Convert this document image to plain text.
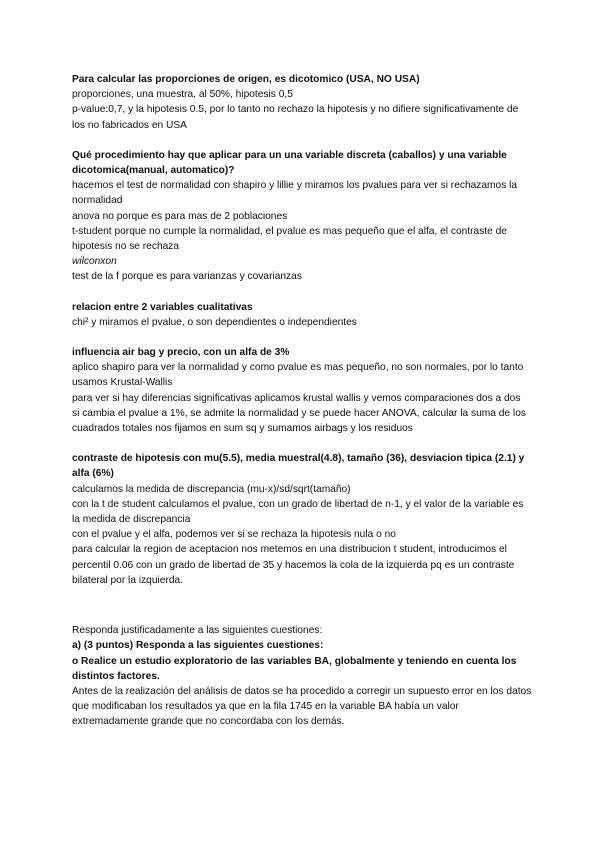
Para calcular las proporciones de origen, es dicotomico (USA, NO USA)

proporciones, una muestra, al 50%, hipotesis 0,5

p-value:0,7, y la hipotesis 0.5, por lo tanto no rechazo la hipotesis y no difiere significativamente de los no fabricados en USA

Qué procedimiento hay que aplicar para un una variable discreta (caballos) y una variable dicotomica(manual, automatico)?

hacemos el test de normalidad con shapiro y lillie y miramos los pvalues para ver si rechazamos la normalidad

anova no porque es para mas de 2 poblaciones

t-student porque no cumple la normalidad, el pvalue es mas pequeño que el alfa, el contraste de hipotesis no se rechaza

wilconxon

test de la f porque es para varianzas y covarianzas

relacion entre 2 variables cualitativas

chi² y miramos el pvalue, o son dependientes o independientes

influencia air bag y precio, con un alfa de 3%

aplico shapiro para ver la normalidad y como pvalue es mas pequeño, no son normales, por lo tanto usamos Krustal-Wallis

para ver si hay diferencias significativas aplicamos krustal wallis y vemos comparaciones dos a dos

si cambia el pvalue a 1%, se admite la normalidad y se puede hacer ANOVA, calcular la suma de los cuadrados totales nos fijamos en sum sq y sumamos airbags y los residuos

contraste de hipotesis con mu(5.5), media muestral(4.8), tamaño (36), desviacion tipica (2.1) y alfa (6%)

calculamos la medida de discrepancia (mu-x)/sd/sqrt(tamaño)

con la t de student calculamos el pvalue, con un grado de libertad de n-1, y el valor de la variable es la medida de discrepancia

con el pvalue y el alfa, podemos ver si se rechaza la hipotesis nula o no

para calcular la region de aceptacion nos metemos en una distribucion t student, introducimos el percentil 0.06 con un grado de libertad de 35 y hacemos la cola de la izquierda pq es un contraste bilateral por la izquierda.

Responda justificadamente a las siguientes cuestiones:

a) (3 puntos) Responda a las siguientes cuestiones:

o Realice un estudio exploratorio de las variables BA, globalmente y teniendo en cuenta los distintos factores.

Antes de la realización del análisis de datos se ha procedido a corregir un supuesto error en los datos que modificaban los resultados ya que en la fila 1745 en la variable BA había un valor extremadamente grande que no concordaba con los demás.
